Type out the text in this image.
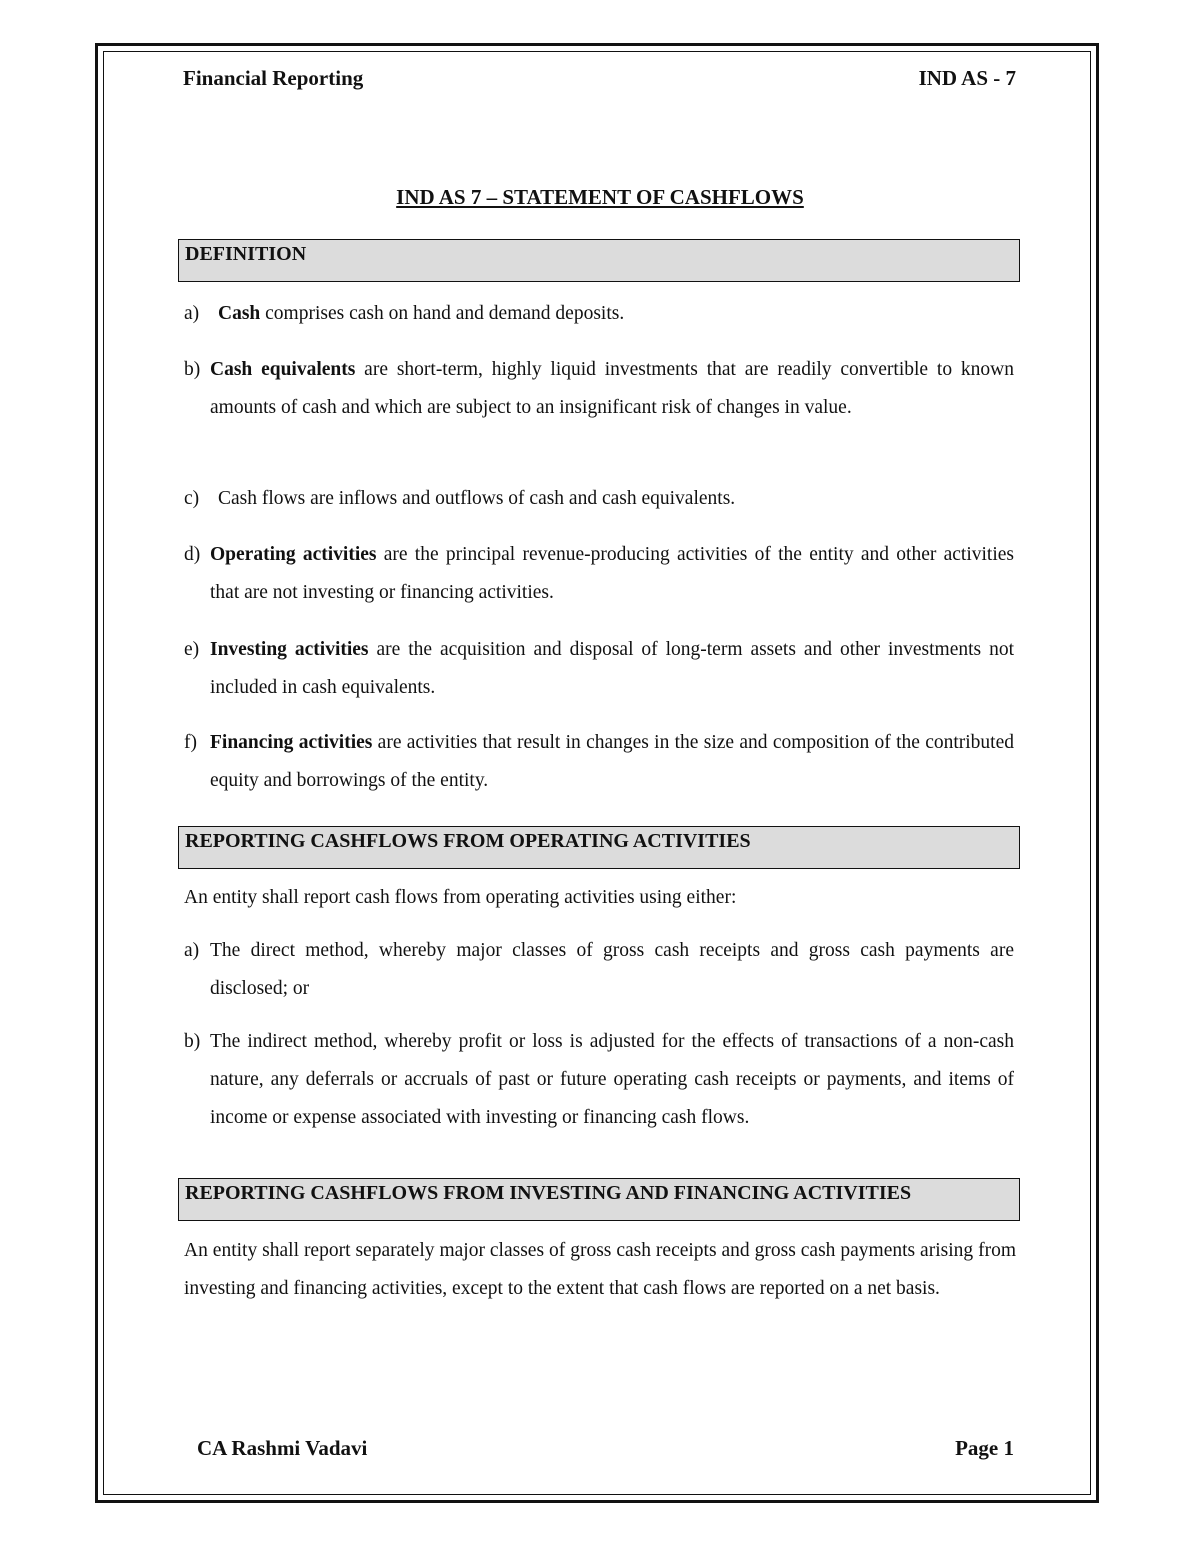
Financial Reporting	IND AS - 7
IND AS 7 – STATEMENT OF CASHFLOWS
DEFINITION
a) Cash comprises cash on hand and demand deposits.
b) Cash equivalents are short-term, highly liquid investments that are readily convertible to known amounts of cash and which are subject to an insignificant risk of changes in value.
c) Cash flows are inflows and outflows of cash and cash equivalents.
d) Operating activities are the principal revenue-producing activities of the entity and other activities that are not investing or financing activities.
e) Investing activities are the acquisition and disposal of long-term assets and other investments not included in cash equivalents.
f) Financing activities are activities that result in changes in the size and composition of the contributed equity and borrowings of the entity.
REPORTING CASHFLOWS FROM OPERATING ACTIVITIES
An entity shall report cash flows from operating activities using either:
a) The direct method, whereby major classes of gross cash receipts and gross cash payments are disclosed; or
b) The indirect method, whereby profit or loss is adjusted for the effects of transactions of a non-cash nature, any deferrals or accruals of past or future operating cash receipts or payments, and items of income or expense associated with investing or financing cash flows.
REPORTING CASHFLOWS FROM INVESTING AND FINANCING ACTIVITIES
An entity shall report separately major classes of gross cash receipts and gross cash payments arising from investing and financing activities, except to the extent that cash flows are reported on a net basis.
CA Rashmi Vadavi	Page 1
